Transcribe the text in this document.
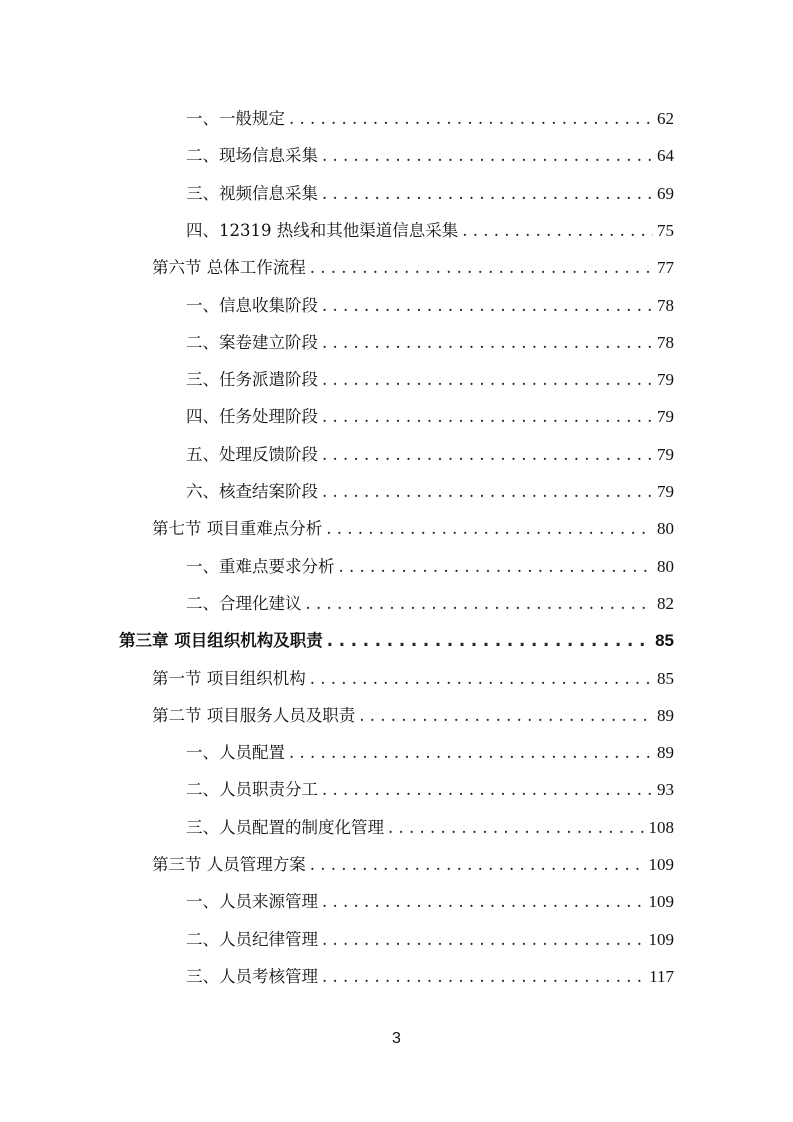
一、一般规定 . . .	62
二、现场信息采集 . . .	64
三、视频信息采集 . . .	69
四、12319 热线和其他渠道信息采集 . . .	75
第六节 总体工作流程 . . .	77
一、信息收集阶段 . . .	78
二、案卷建立阶段 . . .	78
三、任务派遣阶段 . . .	79
四、任务处理阶段 . . .	79
五、处理反馈阶段 . . .	79
六、核查结案阶段 . . .	79
第七节 项目重难点分析 . . .	80
一、重难点要求分析 . . .	80
二、合理化建议 . . .	82
第三章 项目组织机构及职责 . . .	85
第一节 项目组织机构 . . .	85
第二节 项目服务人员及职责 . . .	89
一、人员配置 . . .	89
二、人员职责分工 . . .	93
三、人员配置的制度化管理 . . .	108
第三节 人员管理方案 . . .	109
一、人员来源管理 . . .	109
二、人员纪律管理 . . .	109
三、人员考核管理 . . .	117
3
